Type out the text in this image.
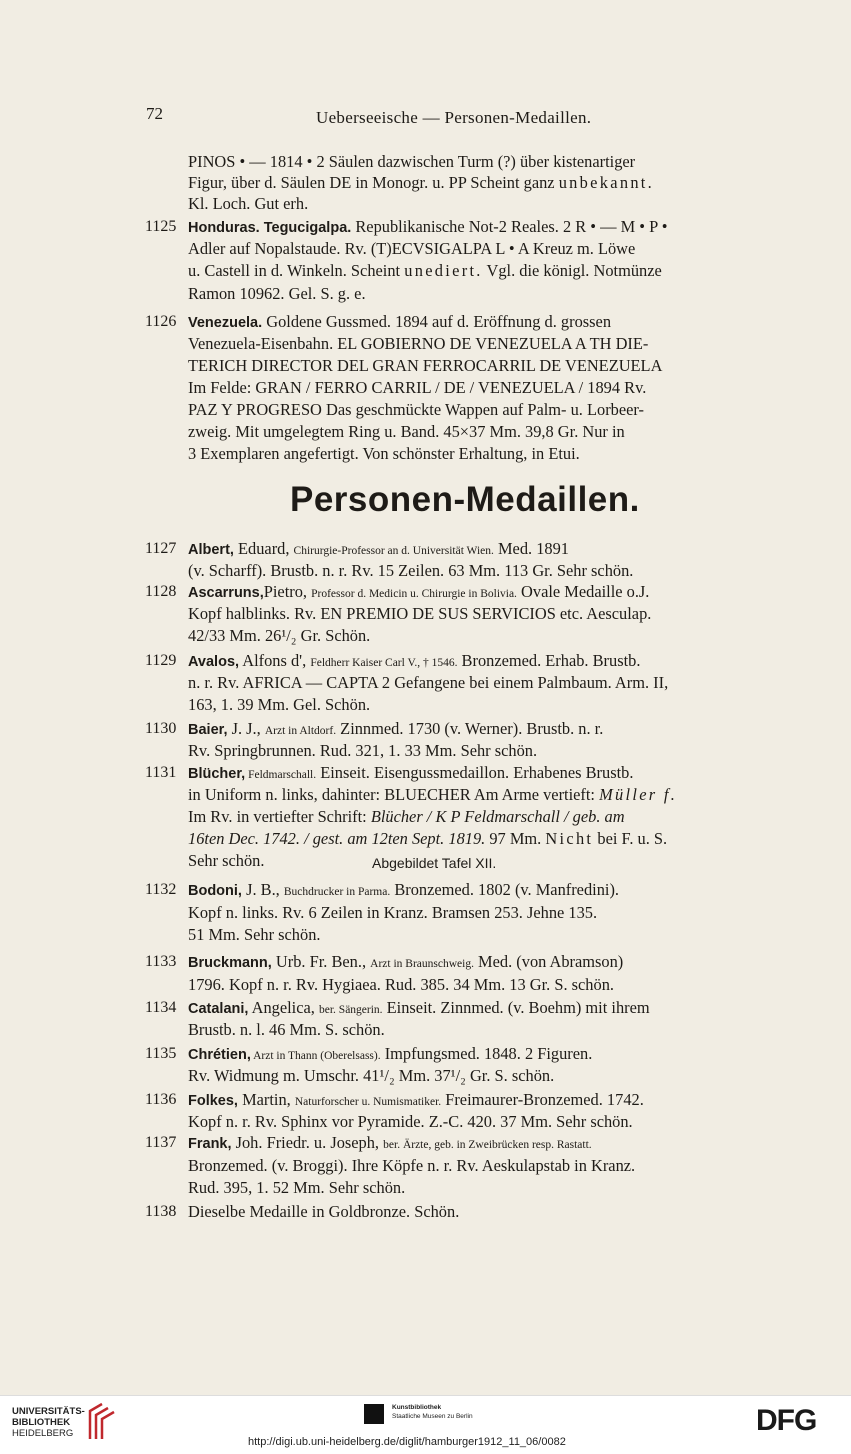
72	Ueberseeische — Personen-Medaillen.
PINOS • — 1814 • 2 Säulen dazwischen Turm (?) über kistenartiger
Figur, über d. Säulen DE in Monogr. u. PP Scheint ganz unbekannt.
Kl. Loch. Gut erh.
1125 Honduras. Tegucigalpa. Republikanische Not-2 Reales. 2 R • — M • P •
Adler auf Nopalstaude. Rv. (T)ECVSIGALPA L • A Kreuz m. Löwe
u. Castell in d. Winkeln. Scheint unediert. Vgl. die königl. Notmünze
Ramon 10962. Gel. S. g. e.
1126 Venezuela. Goldene Gussmed. 1894 auf d. Eröffnung d. grossen
Venezuela-Eisenbahn. EL GOBIERNO DE VENEZUELA A TH DIE-
TERICH DIRECTOR DEL GRAN FERROCARRIL DE VENEZUELA
Im Felde: GRAN / FERRO CARRIL / DE / VENEZUELA / 1894 Rv.
PAZ Y PROGRESO Das geschmückte Wappen auf Palm- u. Lorbeer-
zweig. Mit umgelegtem Ring u. Band. 45×37 Mm. 39,8 Gr. Nur in
3 Exemplaren angefertigt. Von schönster Erhaltung, in Etui.
Personen-Medaillen.
1127 Albert, Eduard, Chirurgie-Professor an d. Universität Wien. Med. 1891
(v. Scharff). Brustb. n. r. Rv. 15 Zeilen. 63 Mm. 113 Gr. Sehr schön.
1128 Ascarruns,Pietro, Professor d. Medicin u. Chirurgie in Bolivia. Ovale Medaille o.J.
Kopf halblinks. Rv. EN PREMIO DE SUS SERVICIOS etc. Aesculap.
42/33 Mm. 26¹/₂ Gr. Schön.
1129 Avalos, Alfons d', Feldherr Kaiser Carl V., † 1546. Bronzemed. Erhab. Brustb.
n. r. Rv. AFRICA — CAPTA 2 Gefangene bei einem Palmbaum. Arm. II,
163, 1. 39 Mm. Gel. Schön.
1130 Baier, J. J., Arzt in Altdorf. Zinnmed. 1730 (v. Werner). Brustb. n. r.
Rv. Springbrunnen. Rud. 321, 1. 33 Mm. Sehr schön.
1131 Blücher, Feldmarschall. Einseit. Eisengussmedaillon. Erhabenes Brustb.
in Uniform n. links, dahinter: BLUECHER Am Arme vertieft: Müller f.
Im Rv. in vertiefter Schrift: Blücher / K P Feldmarschall / geb. am
16ten Dec. 1742. / gest. am 12ten Sept. 1819. 97 Mm. Nicht bei F. u. S.
Sehr schön.	Abgebildet Tafel XII.
1132 Bodoni, J. B., Buchdrucker in Parma. Bronzemed. 1802 (v. Manfredini).
Kopf n. links. Rv. 6 Zeilen in Kranz. Bramsen 253. Jehne 135.
51 Mm. Sehr schön.
1133 Bruckmann, Urb. Fr. Ben., Arzt in Braunschweig. Med. (von Abramson)
1796. Kopf n. r. Rv. Hygiaea. Rud. 385. 34 Mm. 13 Gr. S. schön.
1134 Catalani, Angelica, ber. Sängerin. Einseit. Zinnmed. (v. Boehm) mit ihrem
Brustb. n. l. 46 Mm. S. schön.
1135 Chrétien, Arzt in Thann (Oberelsass). Impfungsmed. 1848. 2 Figuren.
Rv. Widmung m. Umschr. 41¹/₂ Mm. 37¹/₂ Gr. S. schön.
1136 Folkes, Martin, Naturforscher u. Numismatiker. Freimaurer-Bronzemed. 1742.
Kopf n. r. Rv. Sphinx vor Pyramide. Z.-C. 420. 37 Mm. Sehr schön.
1137 Frank, Joh. Friedr. u. Joseph, ber. Ärzte, geb. in Zweibrücken resp. Rastatt.
Bronzemed. (v. Broggi). Ihre Köpfe n. r. Rv. Aeskulapstab in Kranz.
Rud. 395, 1. 52 Mm. Sehr schön.
1138 Dieselbe Medaille in Goldbronze. Schön.
UNIVERSITÄTS-
BIBLIOTHEK
HEIDELBERG
Kunstbibliothek
Staatliche Museen zu Berlin	DFG
http://digi.ub.uni-heidelberg.de/diglit/hamburger1912_11_06/0082
